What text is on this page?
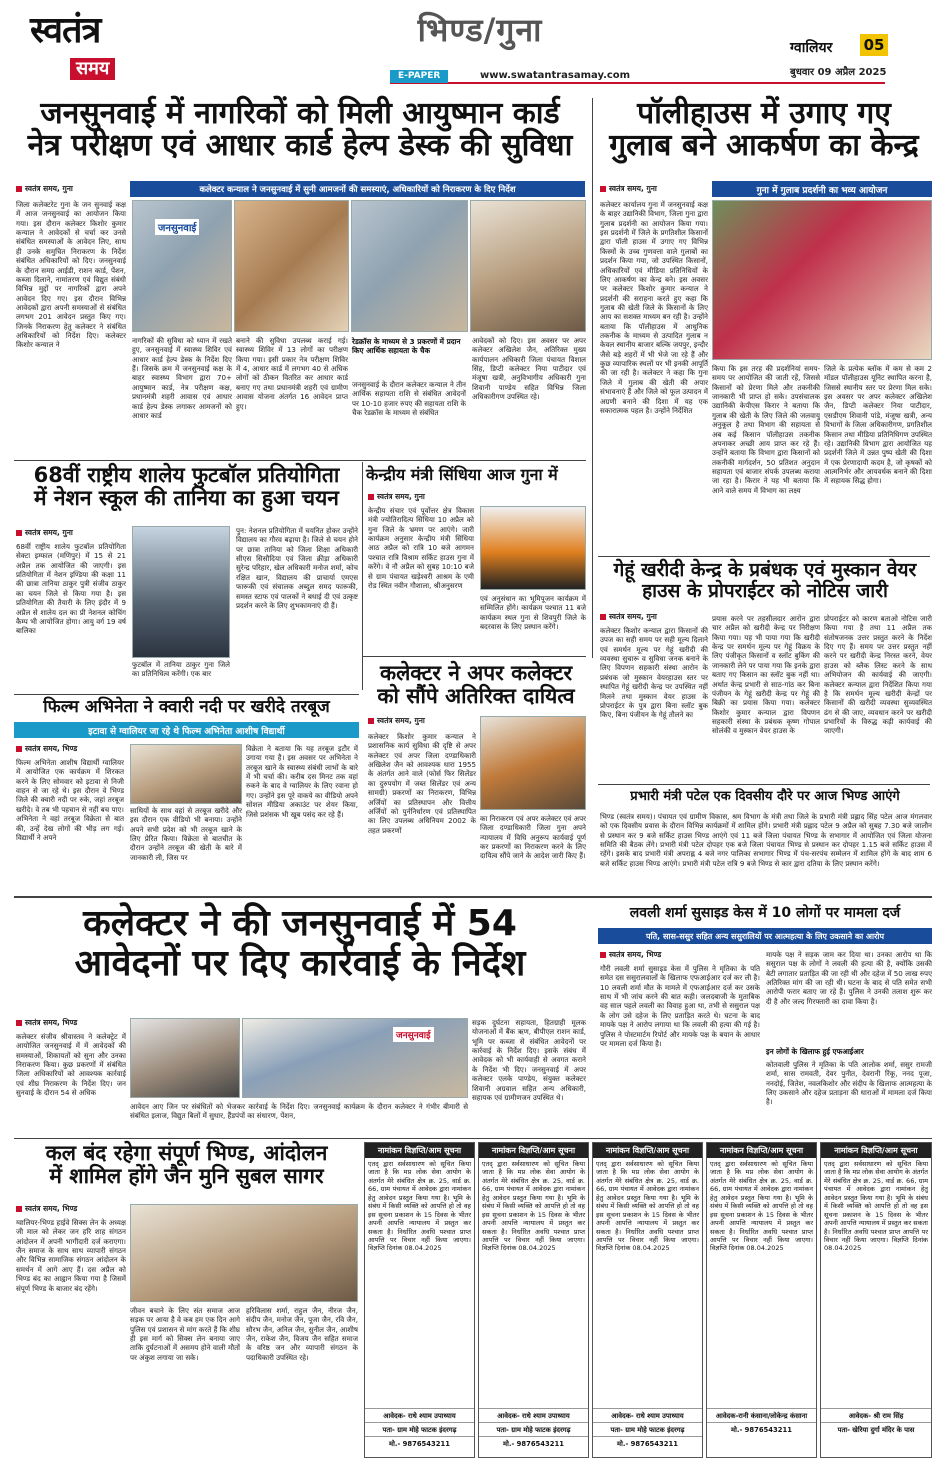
स्वतंत्र
समय
भिण्ड/गुना
E-PAPER	www.swatantrasamay.com
ग्वालियर 05
बुधवार 09 अप्रैल 2025
जनसुनवाई में नागरिकों को मिली आयुष्मान कार्ड
नेत्र परीक्षण एवं आधार कार्ड हेल्प डेस्क की सुविधा
स्वतंत्र समय, गुना	कलेक्टर कन्याल ने जनसुनवाई में सुनी आमजनों की समस्याएं, अधिकारियों को निराकरण के दिए निर्देश
जिला कलेक्टरेट गुना के जन सुनवाई कक्ष में आज जनसुनवाई का आयोजन किया गया। इस दौरान कलेक्टर किशोर कुमार कन्याल ने आवेदकों से चर्चा कर उनसे संबंधित समस्याओं के आवेदन लिए, साथ ही उनके समुचित निराकरण के निर्देश संबंधित अधिकारियों को दिए। जनसुनवाई के दौरान समग्र आईडी, राशन कार्ड, पेंशन, कब्जा दिलाने, नामांतरण एवं विद्युत संबंधी विभिन्न मुद्दों पर नागरिकों द्वारा अपने आवेदन दिए गए। इस दौरान विभिन्न आवेदकों द्वारा अपनी समस्याओं से संबंधित लगभग 201 आवेदन प्रस्तुत किए गए। जिनके निराकरण हेतु कलेक्टर ने संबंधित अधिकारियों को निर्देश दिए। कलेक्टर किशोर कन्याल ने
जनसुनवाई
नागरिकों की सुविधा को ध्यान में रखते हुए, जनसुनवाई में स्वास्थ्य शिविर एवं आधार कार्ड हेल्प डेस्क के निर्देश दिए हैं। जिसके क्रम में जनसुनवाई कक्ष के बाहर स्वास्थ्य विभाग द्वारा 70+ आयुष्मान कार्ड, नेत्र परीक्षण कक्ष, प्रधानमंत्री शहरी आवास एवं आधार कार्ड हेल्प डेस्क लगाकर आमजनों को आधार कार्ड
बनाने की सुविधा उपलब्ध कराई गई। स्वास्थ्य शिविर में 13 लोगों का परीक्षण किया गया। इसी प्रकार नेत्र परीक्षण शिविर में 4, आधार कार्ड में लगभग 40 से अधिक लोगों को ठीकन वितरित कर आधार कार्ड बनाए गए तथा प्रधानमंत्री शहरी एवं ग्रामीण आवास योजना अंतर्गत 16 आवेदन प्राप्त हुए।
रेडक्रॉस के माध्यम से 3 प्रकरणों में प्रदान किए आर्थिक सहायता के चैक
जनसुनवाई के दौरान कलेक्टर कन्याल ने तीन आर्थिक सहायता राशि से संबंधित आवेदनों पर 10-10 हजार रुपए की सहायता राशि के चैक रेडक्रॉस के माध्यम से संबंधित
आवेदकों को दिए। इस अवसर पर अपर कलेक्टर अखिलेश जैन, अतिरिक्त मुख्य कार्यपालन अधिकारी जिला पंचायत विशाल सिंह, डिप्टी कलेक्टर निया पाटीदार एवं मंजूषा खत्री, अनुविभागीय अधिकारी गुना शिवानी पाण्डेय सहित विभिन्न जिला अधिकारीगण उपस्थित रहे।
पॉलीहाउस में उगाए गए
गुलाब बने आकर्षण का केन्द्र
स्वतंत्र समय, गुना	गुना में गुलाब प्रदर्शनी का भव्य आयोजन
कलेक्टर कार्यालय गुना में जनसुनवाई कक्ष के बाहर उद्यानिकी विभाग, जिला गुना द्वारा गुलाब प्रदर्शनी का आयोजन किया गया। इस प्रदर्शनी में जिले के प्रगतिशील किसानों द्वारा पॉली हाउस में उगाए गए विभिन्न किस्मों के उच्च गुणवत्ता वाले गुलाबों का प्रदर्शन किया गया, जो उपस्थित किसानों, अधिकारियों एवं मीडिया प्रतिनिधियों के लिए आकर्षण का केन्द्र बने। इस अवसर पर कलेक्टर किशोर कुमार कन्याल ने प्रदर्शनी की सराहना करते हुए कहा कि गुलाब की खेती जिले के किसानों के लिए आय का सशक्त माध्यम बन रही है। उन्होंने बताया कि पॉलीहाउस में आधुनिक तकनीक के माध्यम से उत्पादित गुलाब न केवल स्थानीय बाजार बल्कि जयपुर, इन्दौर जैसे बड़े शहरों में भी भेजे जा रहे हैं और कुछ व्यापारिक स्थलों पर भी इनकी आपूर्ति की जा रही है। कलेक्टर ने कहा कि गुना जिले में गुलाब की खेती की अपार संभावनाएं हैं और जिले को फूल उत्पादन में अग्रणी बनाने की दिशा में यह एक सकारात्मक पहल है। उन्होंने निर्देशित
किया कि इस तरह की प्रदर्शनियां समय-समय पर आयोजित की जाती रहें, जिससे किसानों को प्रेरणा मिले और तकनीकी जानकारी भी प्राप्त हो सके। उपसंचालक उद्यानिकी केपीएस किरार ने बताया कि गुलाब की खेती के लिए जिले की जलवायु अनुकूल है तथा विभाग की सहायता से अब कई किसान पॉलीहाउस तकनीक अपनाकर अच्छी आय प्राप्त कर रहे हैं। उन्होंने बताया कि विभाग द्वारा किसानों को तकनीकी मार्गदर्शन, 50 प्रतिशत अनुदान सहायता एवं बाजार संपर्क उपलब्ध कराया जा रहा है। किरार ने यह भी बताया कि आने वाले समय में विभाग का लक्ष्य
जिले के प्रत्येक ब्लॉक में कम से कम 2 मॉडल पॉलीहाउस यूनिट स्थापित करना है, जिससे स्थानीय स्तर पर प्रेरणा मिल सके। इस अवसर पर अपर कलेक्टर अखिलेश जैन, डिप्टी कलेक्टर निया पाटीदार, एसडीएम शिवानी पांडे, मंजूषा खत्री, अन्य विभागों के जिला अधिकारीगण, प्रगतिशील किसान तथा मीडिया प्रतिनिधिगण उपस्थित रहे। उद्यानिकी विभाग द्वारा आयोजित यह प्रदर्शनी जिले में उन्नत पुष्प खेती की दिशा में एक प्रेरणादायी कदम है, जो कृषकों को आत्मनिर्भर और आयवर्धक बनाने की दिशा में सहायक सिद्ध होगा।
68वीं राष्ट्रीय शालेय फुटबॉल प्रतियोगिता
में नेशन स्कूल की तानिया का हुआ चयन
स्वतंत्र समय, गुना
68वीं राष्ट्रीय शालेय फुटबॉल प्रतियोगिता सेक्टा इम्फाल (मणिपुर) में 15 से 21 अप्रैल तक आयोजित की जाएगी। इस प्रतियोगिता में नेशन इण्डिया की कक्षा 11 की छात्रा तानिया ठाकुर पुत्री संजीव ठाकुर का चयन जिले से किया गया है। इस प्रतियोगिता की तैयारी के लिए इंदौर में 9 अप्रैल से शालेय दल का प्री नेशनल कोचिंग कैम्प भी आयोजित होगा। आयु वर्ग 19 वर्ष बालिका
फुटबॉल में तानिया ठाकुर गुना जिले का प्रतिनिधित्व करेंगी। एक बार
पुन: नेशनल प्रतियोगिता में चयनित होकर उन्होंने विद्यालय का गौरव बढ़ाया है। जिले से चयन होने पर छात्रा तानिया को जिला शिक्षा अधिकारी सीएस सिसौदिया एवं जिला क्रीड़ा अधिकारी सुरेन्द्र परिहार, खेल अधिकारी मनोज शर्मा, कोच रक्षित खान, विद्यालय की प्राचार्या एमएस फारूकी एवं संचालक अब्दुल समद फारूकी, समस्त स्टाफ एवं पालकों ने बधाई दी एवं उत्कृष्ट प्रदर्शन करने के लिए शुभकामनाएं दी हैं।
केन्द्रीय मंत्री सिंधिया आज गुना में
स्वतंत्र समय, गुना
केन्द्रीय संचार एवं पूर्वोत्तर क्षेत्र विकास मंत्री ज्योतिरादित्य सिंधिया 10 अप्रैल को गुना जिले के भ्रमण पर आएंगे। जारी कार्यक्रम अनुसार केन्द्रीय मंत्री सिंधिया आठ अप्रैल को रात्रि 10 बजे आगमन पश्चात रात्रि विश्राम सर्किट हाउस गुना में करेंगे। वे नौ अप्रैल को सुबह 10:10 बजे से ग्राम पंचायत खड़ेश्वरी आश्रम के एमी रोड स्थित नवीन गौशाला, श्रीअनुसरण
एवं अनुसंधान का भूमिपूजन कार्यक्रम में सम्मिलित होंगे। कार्यक्रम पश्चात 11 बजे कार्यक्रम स्थल गुना से शिवपुरी जिले के बदरवास के लिए प्रस्थान करेंगे।
कलेक्टर ने अपर कलेक्टर
को सौंपे अतिरिक्त दायित्व
स्वतंत्र समय, गुना
कलेक्टर किशोर कुमार कन्याल ने प्रशासनिक कार्य सुविधा की दृष्टि से अपर कलेक्टर एवं अपर जिला दण्डाधिकारी अखिलेश जैन को आवश्यक धारा 1955 के अंतर्गत आने वाले (फोर्स फिर सिलेंडर का दुरुपयोग में जब्त सिलेंडर एवं अन्य सामग्री) प्रकरणों का निराकरण, विभिन्न अर्जियों का प्रतिस्थापन और वित्तीय अर्जियों को पुर्ननिर्धारण एवं प्रतिस्थापित का लिए उपलब्ध अधिनियम 2002 के तहत प्रकरणों
का निराकरण एवं अपर कलेक्टर एवं अपर जिला दण्डाधिकारी जिला गुना अपने न्यायालय में विधि अनुरूप कार्यवाई पूर्ण कर प्रकरणों का निराकरण करने के लिए दायित्व सौंपे जाने के आदेश जारी किए हैं।
फिल्म अभिनेता ने क्वारी नदी पर खरीदे तरबूज
इटावा से ग्वालियर जा रहे थे फिल्म अभिनेता आशीष विद्यार्थी
स्वतंत्र समय, भिण्ड
फिल्म अभिनेता आशीष विद्यार्थी ग्वालियर में आयोजित एक कार्यक्रम में शिरकत करने के लिए सोमवार को इटावा से निजी वाहन से जा रहे थे। इस दौरान वे भिण्ड जिले की क्वारी नदी पर रुके, जहां तरबूज खरीदे। वे तब भी पहचान से नहीं बच पाए। अभिनेता ने वहां तरबूज विक्रेता से बात की, उन्हें देख लोगों की भीड़ लग गई। विद्यार्थी ने अपने
साथियों के साथ वहां से तरबूज खरीदे और इस दौरान एक वीडियो भी बनाया। उन्होंने अपने सभी प्रदेश को भी तरबूज खाने के लिए प्रेरित किया। विक्रेता से बातचीत के दौरान उन्होंने तरबूज की खेती के बारे में जानकारी ली, जिस पर
विक्रेता ने बताया कि यह तरबूज इटौर में उगाया गया है। इस अवसर पर अभिनेता ने तरबूज खाने के स्वास्थ्य संबंधी लाभों के बारे में भी चर्चा की। करीब दस मिनट तक वहां रुकने के बाद वे ग्वालियर के लिए रवाना हो गए। उन्होंने इस पूरे वाकये का वीडियो अपने सोशल मीडिया अकाउंट पर शेयर किया, जिसे प्रशंसक भी खूब पसंद कर रहे हैं।
गेहूं खरीदी केन्द्र के प्रबंधक एवं मुस्कान वेयर हाउस के प्रोपराईटर को नोटिस जारी
स्वतंत्र समय, गुना
कलेक्टर किशोर कन्याल द्वारा किसानों की उपज का सही समय पर सही मूल्य दिलाने एवं समर्थन मूल्य पर गेहूं खरीदी की व्यवस्था सुचारू व सुविधा जनक बनाने के लिए विपणन सहकारी संस्था आरोन के प्रबंधक जो मुस्कान वेयरहाउस स्तर पर स्थापित गेहूं खरीदी केन्द्र पर उपस्थित नहीं मिलने तथा मुस्कान वेयर हाउस के प्रोपराईटर के पुत्र द्वारा बिना स्लॉट बुक किए, बिना पंजीयन के गेहूं तौलने का
प्रयास करने पर तहसीलदार आरोन द्वारा चार अप्रैल को खरीदी केन्द्र पर निरीक्षण किया गया। यह भी पाया गया कि खरीदी केन्द्र पर समर्थन मूल्य पर गेहूं विक्रय के लिए पंजीकृत किसानों व स्लॉट बुकिंग की जानकारी लेने पर पाया गया कि इनके द्वारा बताए गए किसान का स्लॉट बुक नहीं था। अर्थात केन्द्र प्रभारी से साठ-गांठ कर बिना पंजीयन के गेहूं खरीदी केन्द्र पर गेहूं की बिक्री का प्रयास किया गया। कलेक्टर किशोर कुमार कन्याल द्वारा विपणन सहकारी संस्था के प्रबंधक कृष्ण गोपाल सोलंकी व मुस्कान वेयर हाउस के
प्रोपराईटर को कारण बताओ नोटिस जारी किया गया है तथा 11 अप्रैल तक संतोषजनक उत्तर प्रस्तुत करने के निर्देश दिए गए हैं। समय पर उत्तर प्रस्तुत नहीं करने पर खरीदी केन्द्र निरस्त करने, वेयर हाउस को ब्लैक लिस्ट करने के साथ अभियोजन की कार्यवाई की जाएगी। कलेक्टर कन्याल द्वारा निर्देशित किया गया है कि समर्थन मूल्य खरीदी केन्द्रों पर किसानों की खरीदी व्यवस्था सुव्यवस्थित ढंग से की जाए, व्यवधान करने पर खरीदी प्रभारियों के विरुद्ध कड़ी कार्यवाई की जाएगी।
प्रभारी मंत्री पटेल एक दिवसीय दौरे पर आज भिण्ड आएंगे
भिण्ड (स्वतंत्र समय)। पंचायत एवं ग्रामीण विकास, श्रम विभाग के मंत्री तथा जिले के प्रभारी मंत्री प्रह्लाद सिंह पटेल आज मंगलवार को एक दिवसीय प्रवास के दौरान विभिन्न कार्यक्रमों में शामिल होंगे। प्रभारी मंत्री प्रह्लाद पटेल 9 अप्रैल को सुबह 7.30 बजे जालौन से प्रस्थान कर 9 बजे सर्किट हाउस भिण्ड आएंगे एवं 11 बजे जिला पंचायत भिण्ड के सभागार में आयोजित एवं जिला योजना समिति की बैठक लेंगे। प्रभारी मंत्री पटेल दोपहर एक बजे जिला पंचायत भिण्ड से प्रस्थान कर दोपहर 1.15 बजे सर्किट हाउस में रहेंगे। इसके बाद प्रभारी मंत्री अपराह्न 4 बजे नगर पालिका सभागार भिण्ड में पंच-सरपंच सम्मेलन में शामिल होंगे के बाद शाम 6 बजे सर्किट हाउस भिण्ड आएंगे। प्रभारी मंत्री पटेल रात्रि 9 बजे भिण्ड से कार द्वारा दतिया के लिए प्रस्थान करेंगे।
कलेक्टर ने की जनसुनवाई में 54
आवेदनों पर दिए कार्रवाई के निर्देश
स्वतंत्र समय, भिण्ड
कलेक्टर संजीव श्रीवास्तव ने कलेक्ट्रेट में आयोजित जनसुनवाई में में आवेदकों की समस्याओं, शिकायतों को सुना और उनका निराकरण किया। कुछ प्रकरणों में संबंधित जिला अधिकारियों को आवश्यक कार्रवाई एवं शीघ्र निराकरण के निर्देश दिए। जन सुनवाई के दौरान 54 से अधिक
जनसुनवाई
आवेदन आए जिन पर संबंधितों को भेजकर कार्रवाई के निर्देश दिए। जनसुनवाई कार्यक्रम के दौरान कलेक्टर ने गंभीर बीमारी से संबंधित इलाज, विद्युत बिलों में सुधार, हैंडपंपों का संधारण, पेंशन,
सड़क दुर्घटना सहायता, हितग्राही मूलक योजनाओं में बैंक ऋण, बीपीएल राशन कार्ड, भूमि पर कब्जा से संबंधित आवेदनों पर कार्रवाई के निर्देश दिए। इसके संबंध में आवेदक को भी कार्यवाही से अवगत कराने के निर्देश भी दिए। जनसुनवाई में अपर कलेक्टर एलके पाण्डेय, संयुक्त कलेक्टर शिवानी अग्रवाल सहित अन्य अधिकारी, सहायक एवं ग्रामीणजन उपस्थित थे।
लवली शर्मा सुसाइड केस में 10 लोगों पर मामला दर्ज
पति, सास-ससुर सहित अन्य ससुरालियों पर आत्महत्या के लिए उकसाने का आरोप
स्वतंत्र समय, भिण्ड
गौरी लवली शर्मा सुसाइड केस में पुलिस ने मृतिका के पति समेत दस ससुरालवालों के खिलाफ एफआईआर दर्ज कर ली है। 10 लवली शर्मा मौत के मामले में एफआईआर दर्ज कर उसके साथ में भी जांच करने की बात कही। जलदबाजी के मुताबिक वह साल पहले लवली का विवाह हुआ था, तभी से ससुराल पक्ष के लोग उसे दहेज के लिए प्रताड़ित करते थे। घटना के बाद मायके पक्ष ने आरोप लगाया था कि लवली की हत्या की गई है। पुलिस ने पोस्टमार्टम रिपोर्ट और मायके पक्ष के बयान के आधार पर मामला दर्ज किया है।
मायके पक्ष ने सड़क जाम कर दिया था। उनका आरोप था कि ससुराल पक्ष के लोगों ने लवली की हत्या की है, क्योंकि उसकी बेटी लगातार प्रताड़ित की जा रही थी और दहेज में 50 लाख रुपए अतिरिक्त मांग की जा रही थी। घटना के बाद से पति समेत सभी आरोपी फरार बताए जा रहे हैं। पुलिस ने उनकी तलाश शुरू कर दी है और जल्द गिरफ्तारी का दावा किया है।
इन लोगों के खिलाफ हुई एफआईआर
कोतवाली पुलिस ने मृतिका के पति आलोक शर्मा, ससुर रामजी शर्मा, सास रामवती, देवर पुनीत, देवरानी रिंकू, ननद पूजा, ननदोई, जितेश, नवलकिशोर और संदीप के खिलाफ आत्महत्या के लिए उकसाने और दहेज प्रताड़ना की धाराओं में मामला दर्ज किया है।
कल बंद रहेगा संपूर्ण भिण्ड, आंदोलन
में शामिल होंगे जैन मुनि सुबल सागर
स्वतंत्र समय, भिण्ड
ग्वालियर-भिण्ड हाईवे सिक्स लेन के अध्यक्ष जी माल को लेकर जन हरि शाह संगठन आंदोलन में अपनी भागीदारी दर्ज कराएगा। जैन समाज के साथ साथ व्यापारी संगठन और विभिन्न सामाजिक संगठन आंदोलन के समर्थन में आगे आए हैं। दस अप्रैल को भिण्ड बंद का आह्वान किया गया है जिसमें संपूर्ण भिण्ड के बाजार बंद रहेंगे।
जीवन बचाने के लिए संत समाज आज सड़क पर आया है वे कब हम एक दिन आगे पुलिस एवं प्रशासन से मांग करते हैं कि शीघ्र ही इस मार्ग को सिक्स लेन बनाया जाए ताकि दुर्घटनाओं में असमय होने वाली मौतों पर अंकुश लगाया जा सके।
हरिविलास शर्मा, राहुल जैन, नीरज जैन, संदीप जैन, मनोज जैन, पूजा जैन, रवि जैन, सौरभ जैन, अनिल जैन, सुनील जैन, आशीष जैन, राकेश जैन, विजय जैन सहित समाज के वरिष्ठ जन और व्यापारी संगठन के पदाधिकारी उपस्थित रहे।
नामांकन विज्ञप्ति/आम सूचना
एतद् द्वारा सर्वसाधारण को सूचित किया जाता है कि मप्र लोक सेवा आयोग के अंतर्गत मेरे संबंधित क्षेत्र क्र. 25, वार्ड क्र. 66, ग्राम पंचायत में आवेदक द्वारा नामांकन हेतु आवेदन प्रस्तुत किया गया है। भूमि के संबंध में किसी व्यक्ति को आपत्ति हो तो वह इस सूचना प्रकाशन के 15 दिवस के भीतर अपनी आपत्ति न्यायालय में प्रस्तुत कर सकता है। निर्धारित अवधि पश्चात प्राप्त आपत्ति पर विचार नहीं किया जाएगा। विज्ञप्ति दिनांक 08.04.2025
आवेदक- राधे श्याम उपाध्याय
पता- ग्राम मोहे फाटक इंदरगढ़
मो.- 9876543211
नामांकन विज्ञप्ति/आम सूचना
एतद् द्वारा सर्वसाधारण को सूचित किया जाता है कि मप्र लोक सेवा आयोग के अंतर्गत मेरे संबंधित क्षेत्र क्र. 25, वार्ड क्र. 66, ग्राम पंचायत में आवेदक द्वारा नामांकन हेतु आवेदन प्रस्तुत किया गया है। भूमि के संबंध में किसी व्यक्ति को आपत्ति हो तो वह इस सूचना प्रकाशन के 15 दिवस के भीतर अपनी आपत्ति न्यायालय में प्रस्तुत कर सकता है। निर्धारित अवधि पश्चात प्राप्त आपत्ति पर विचार नहीं किया जाएगा। विज्ञप्ति दिनांक 08.04.2025
आवेदक- राधे श्याम उपाध्याय
पता- ग्राम मोहे फाटक इंदरगढ़
मो.- 9876543211
नामांकन विज्ञप्ति/आम सूचना
एतद् द्वारा सर्वसाधारण को सूचित किया जाता है कि मप्र लोक सेवा आयोग के अंतर्गत मेरे संबंधित क्षेत्र क्र. 25, वार्ड क्र. 66, ग्राम पंचायत में आवेदक द्वारा नामांकन हेतु आवेदन प्रस्तुत किया गया है। भूमि के संबंध में किसी व्यक्ति को आपत्ति हो तो वह इस सूचना प्रकाशन के 15 दिवस के भीतर अपनी आपत्ति न्यायालय में प्रस्तुत कर सकता है। निर्धारित अवधि पश्चात प्राप्त आपत्ति पर विचार नहीं किया जाएगा। विज्ञप्ति दिनांक 08.04.2025
आवेदक- राधे श्याम उपाध्याय
पता- ग्राम मोहे फाटक इंदरगढ़
मो.- 9876543211
नामांकन विज्ञप्ति/आम सूचना
एतद् द्वारा सर्वसाधारण को सूचित किया जाता है कि मप्र लोक सेवा आयोग के अंतर्गत मेरे संबंधित क्षेत्र क्र. 25, वार्ड क्र. 66, ग्राम पंचायत में आवेदक द्वारा नामांकन हेतु आवेदन प्रस्तुत किया गया है। भूमि के संबंध में किसी व्यक्ति को आपत्ति हो तो वह इस सूचना प्रकाशन के 15 दिवस के भीतर अपनी आपत्ति न्यायालय में प्रस्तुत कर सकता है। निर्धारित अवधि पश्चात प्राप्त आपत्ति पर विचार नहीं किया जाएगा। विज्ञप्ति दिनांक 08.04.2025
आवेदक-रानी कंसाना/लोकेन्द्र कंसाना
मो.- 9876543211
नामांकन विज्ञप्ति/आम सूचना
एतद् द्वारा सर्वसाधारण को सूचित किया जाता है कि मप्र लोक सेवा आयोग के अंतर्गत मेरे संबंधित क्षेत्र क्र. 25, वार्ड क्र. 66, ग्राम पंचायत में आवेदक द्वारा नामांकन हेतु आवेदन प्रस्तुत किया गया है। भूमि के संबंध में किसी व्यक्ति को आपत्ति हो तो वह इस सूचना प्रकाशन के 15 दिवस के भीतर अपनी आपत्ति न्यायालय में प्रस्तुत कर सकता है। निर्धारित अवधि पश्चात प्राप्त आपत्ति पर विचार नहीं किया जाएगा। विज्ञप्ति दिनांक 08.04.2025
आवेदक- श्री राम सिंह
पता- खेरिया दुर्गा मंदिर के पास
